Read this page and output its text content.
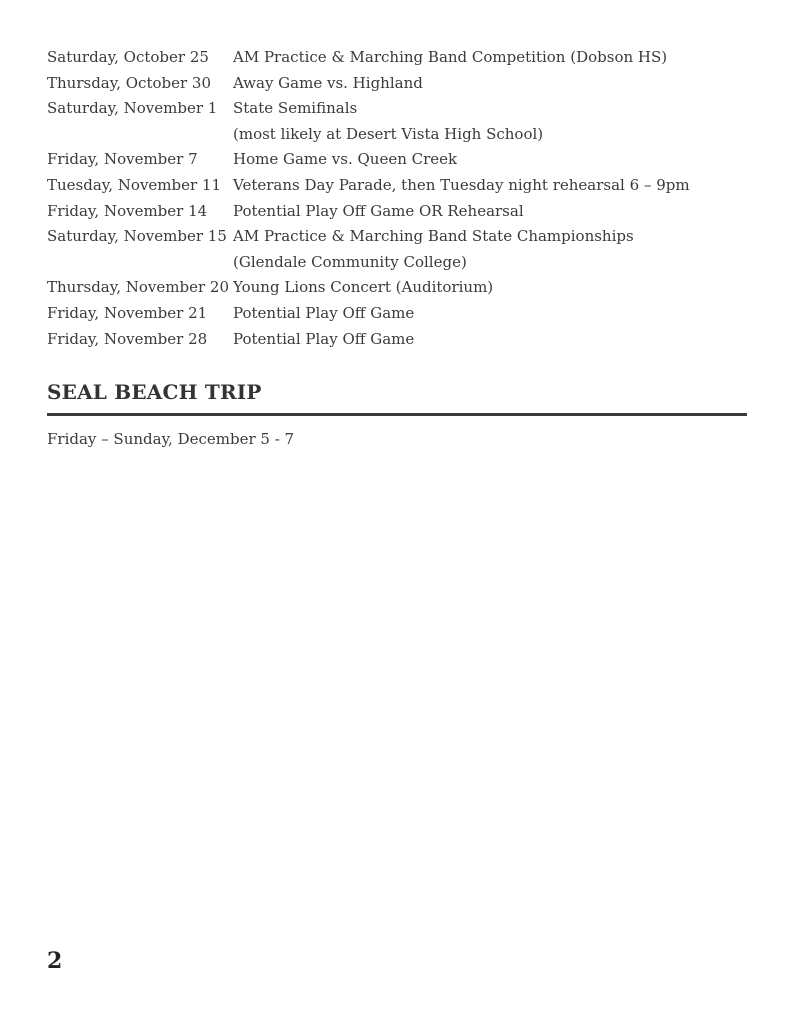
Saturday, October 25	AM Practice & Marching Band Competition (Dobson HS)
Thursday, October 30	Away Game vs. Highland
Saturday, November 1	State Semifinals
(most likely at Desert Vista High School)
Friday, November 7	Home Game vs. Queen Creek
Tuesday, November 11 Veterans Day Parade, then Tuesday night rehearsal 6 – 9pm
Friday, November 14	Potential Play Off Game OR Rehearsal
Saturday, November 15 AM Practice & Marching Band State Championships
(Glendale Community College)
Thursday, November 20 Young Lions Concert (Auditorium)
Friday, November 21	Potential Play Off Game
Friday, November 28	Potential Play Off Game
SEAL BEACH TRIP
Friday – Sunday, December 5 - 7
2
